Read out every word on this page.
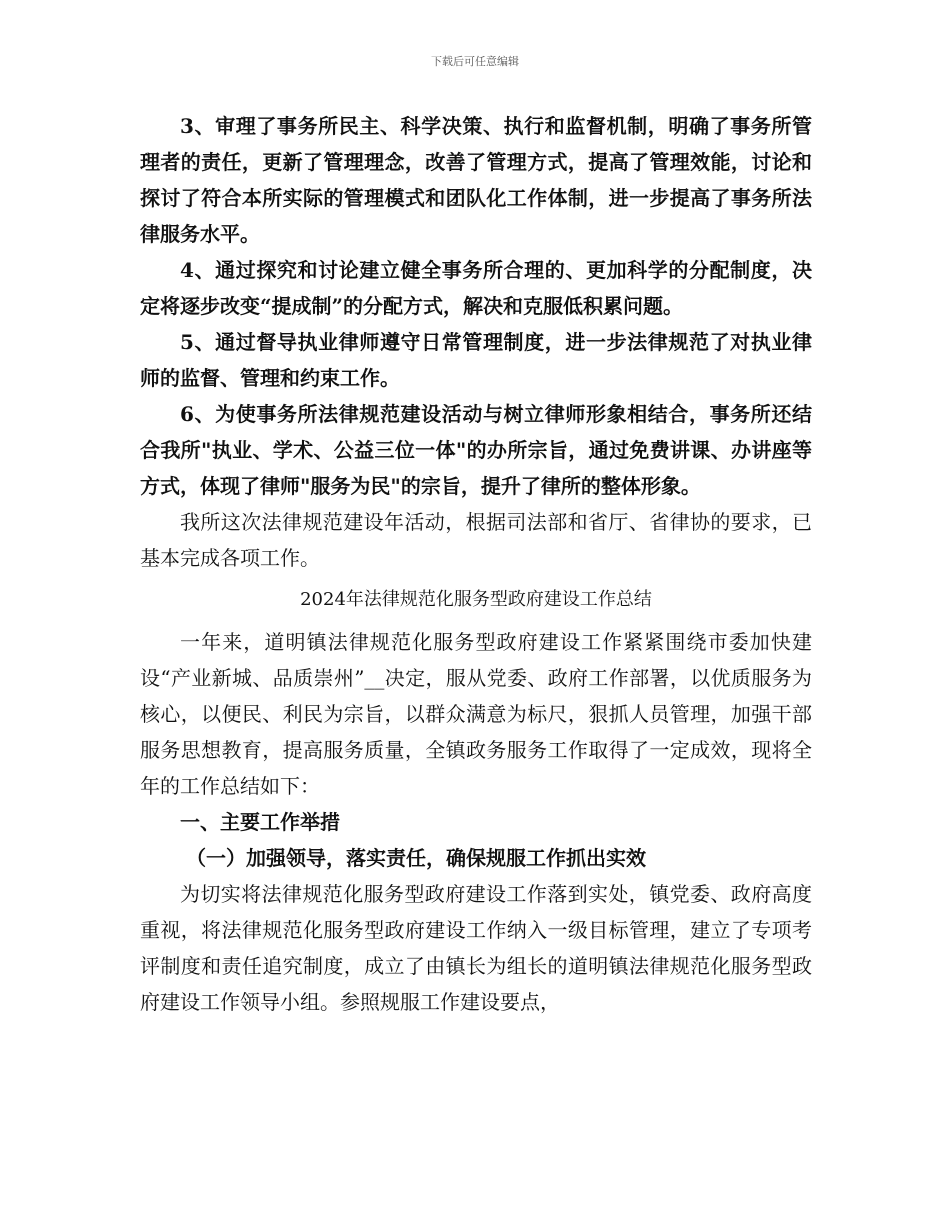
下载后可任意编辑

3、审理了事务所民主、科学决策、执行和监督机制，明确了事务所管理者的责任，更新了管理理念，改善了管理方式，提高了管理效能，讨论和探讨了符合本所实际的管理模式和团队化工作体制，进一步提高了事务所法律服务水平。

4、通过探究和讨论建立健全事务所合理的、更加科学的分配制度，决定将逐步改变“提成制”的分配方式，解决和克服低积累问题。

5、通过督导执业律师遵守日常管理制度，进一步法律规范了对执业律师的监督、管理和约束工作。

6、为使事务所法律规范建设活动与树立律师形象相结合，事务所还结合我所"执业、学术、公益三位一体"的办所宗旨，通过免费讲课、办讲座等方式，体现了律师"服务为民"的宗旨，提升了律所的整体形象。

我所这次法律规范建设年活动，根据司法部和省厅、省律协的要求，已基本完成各项工作。

2024年法律规范化服务型政府建设工作总结

一年来，道明镇法律规范化服务型政府建设工作紧紧围绕市委加快建设“产业新城、品质崇州”__决定，服从党委、政府工作部署，以优质服务为核心，以便民、利民为宗旨，以群众满意为标尺，狠抓人员管理，加强干部服务思想教育，提高服务质量，全镇政务服务工作取得了一定成效，现将全年的工作总结如下：

一、主要工作举措

（一）加强领导，落实责任，确保规服工作抓出实效

为切实将法律规范化服务型政府建设工作落到实处，镇党委、政府高度重视，将法律规范化服务型政府建设工作纳入一级目标管理，建立了专项考评制度和责任追究制度，成立了由镇长为组长的道明镇法律规范化服务型政府建设工作领导小组。参照规服工作建设要点，
